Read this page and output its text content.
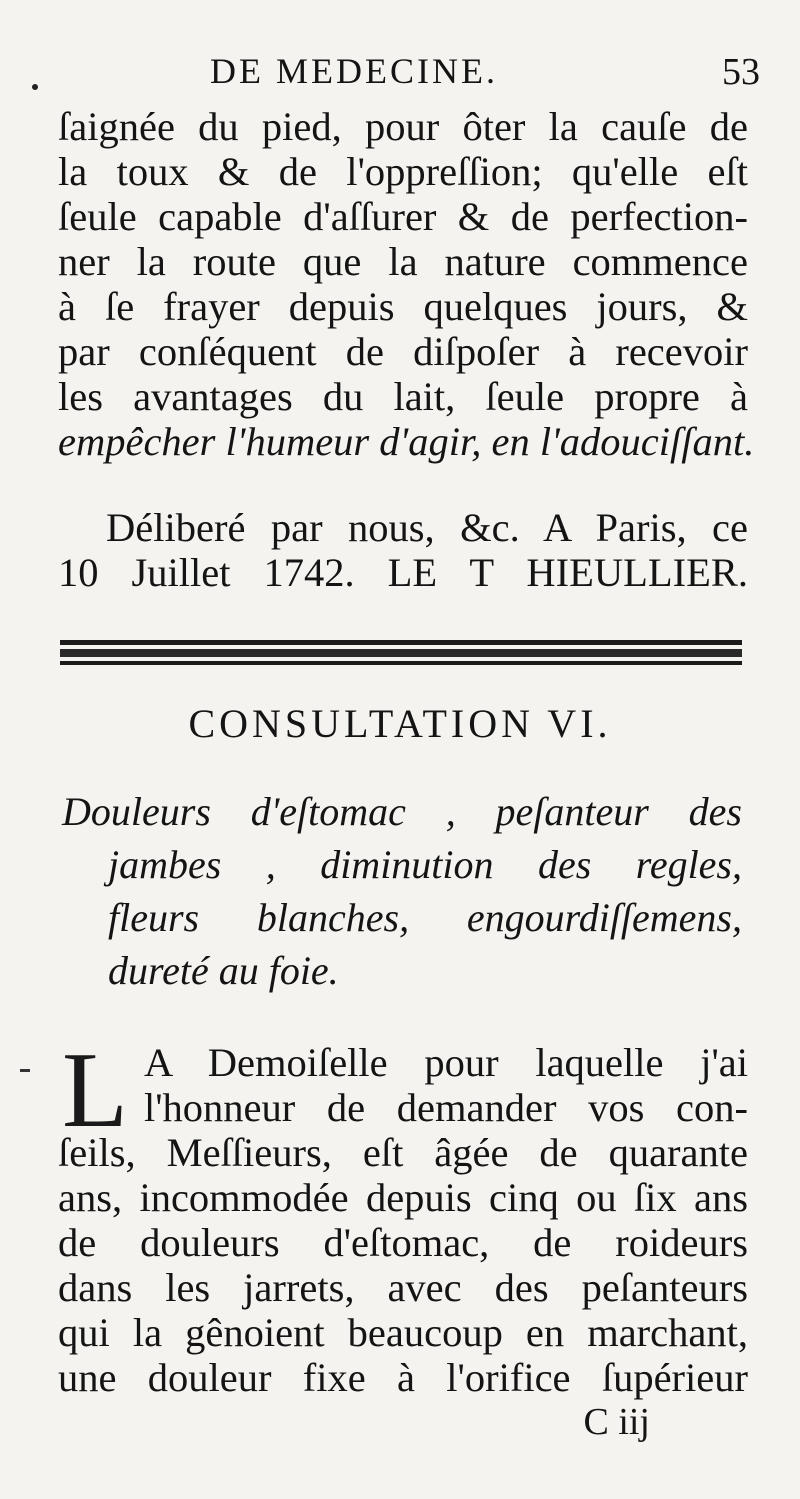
DE MEDECINE.	53
ſaignée du pied, pour ôter la cauſe de
la toux & de l'oppreſſion; qu'elle eſt
ſeule capable d'aſſurer & de perfection-
ner la route que la nature commence
à ſe frayer depuis quelques jours, &
par conſéquent de diſpoſer à recevoir
les avantages du lait, ſeule propre à
empêcher l'humeur d'agir, en l'adouciſſant.
Déliberé par nous, &c. A Paris, ce
10 Juillet 1742. LE T HIEULLIER.
CONSULTATION VI.
Douleurs d'eſtomac , peſanteur des
jambes , diminution des regles,
fleurs blanches, engourdiſſemens,
dureté au foie.
L A Demoiſelle pour laquelle j'ai
l'honneur de demander vos con-
ſeils, Meſſieurs, eſt âgée de quarante
ans, incommodée depuis cinq ou ſix ans
de douleurs d'eſtomac, de roideurs
dans les jarrets, avec des peſanteurs
qui la gênoient beaucoup en marchant,
une douleur fixe à l'orifice ſupérieur
C iij
